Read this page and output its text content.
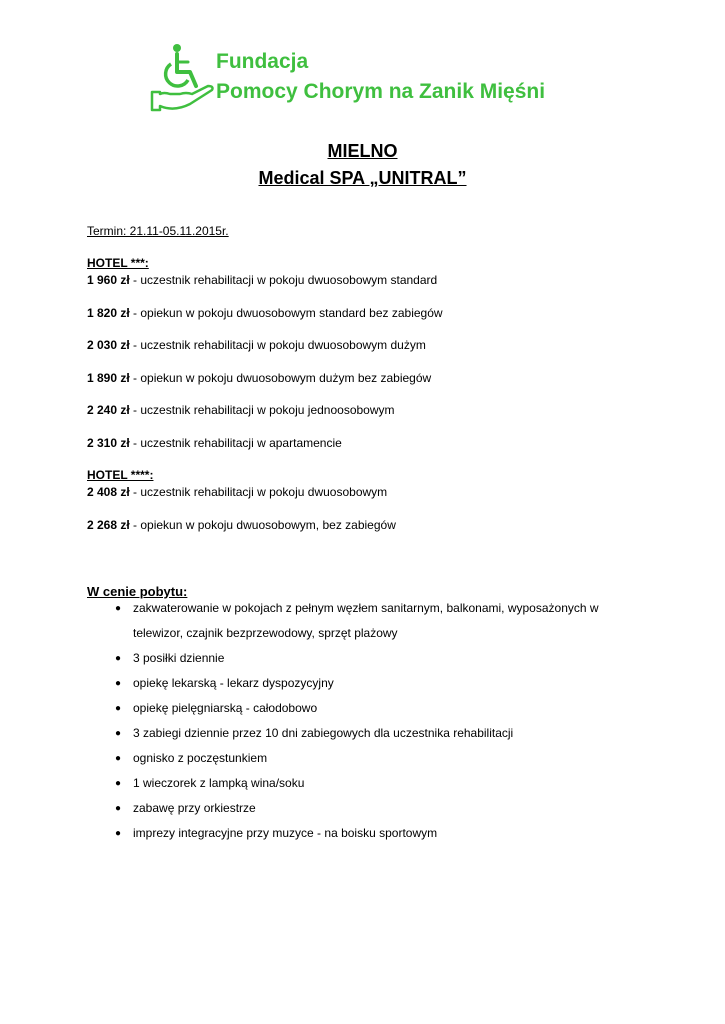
Fundacja
Pomocy Chorym na Zanik Mięśni
MIELNO
Medical SPA „UNITRAL”
Termin: 21.11-05.11.2015r.
HOTEL ***:
1 960 zł - uczestnik rehabilitacji w pokoju dwuosobowym standard
1 820 zł - opiekun w pokoju dwuosobowym standard bez zabiegów
2 030 zł - uczestnik rehabilitacji w pokoju dwuosobowym dużym
1 890 zł - opiekun w pokoju dwuosobowym dużym bez zabiegów
2 240 zł - uczestnik rehabilitacji w pokoju jednoosobowym
2 310 zł - uczestnik rehabilitacji w apartamencie
HOTEL ****:
2 408 zł - uczestnik rehabilitacji w pokoju dwuosobowym
2 268 zł - opiekun w pokoju dwuosobowym, bez zabiegów
W cenie pobytu:
● zakwaterowanie w pokojach z pełnym węzłem sanitarnym, balkonami, wyposażonych w
telewizor, czajnik bezprzewodowy, sprzęt plażowy
● 3 posiłki dziennie
● opiekę lekarską - lekarz dyspozycyjny
● opiekę pielęgniarską - całodobowo
● 3 zabiegi dziennie przez 10 dni zabiegowych dla uczestnika rehabilitacji
● ognisko z poczęstunkiem
● 1 wieczorek z lampką wina/soku
● zabawę przy orkiestrze
● imprezy integracyjne przy muzyce - na boisku sportowym
